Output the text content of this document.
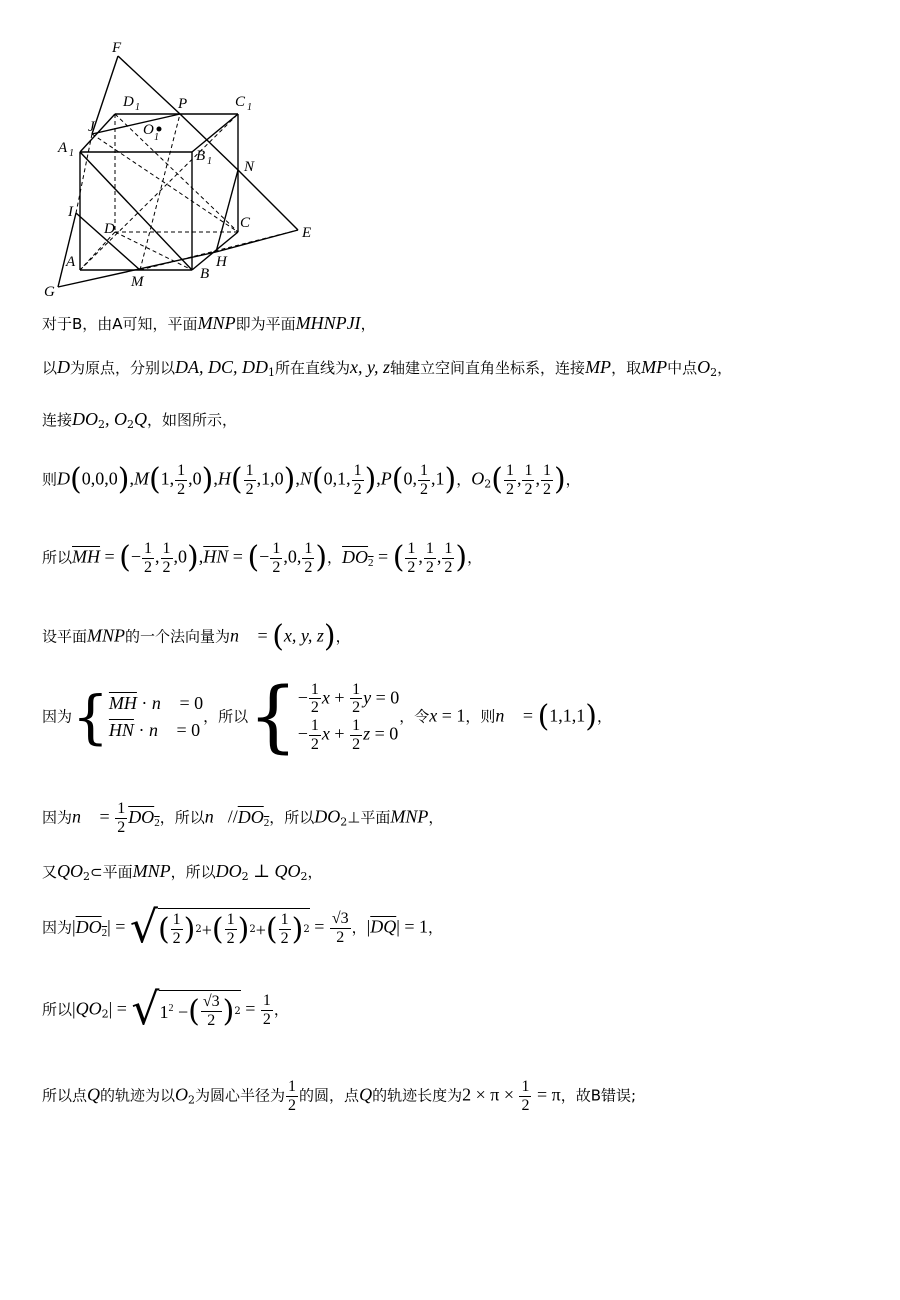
F
D 1	P	C 1
J	O 1
A 1	B 1 N
I
D	C
E
A
M
H
B
G
对于B，由A可知，平面MNP即为平面MHNPJI，
以D为原点，分别以DA, DC, $DD_1$所在直线为x, y, z轴建立空间直角坐标系，连接MP，取MP中点$O_2$，
连接$DO_2$, $O_2Q$，如图所示，
则D(0,0,0),M(1, $\frac{1}{2} ,0),H( \frac{1}{2} ,1,0),N(0,1$, $\frac{1}{2} ),P(0$, $\frac{1}{2} ,1$)，$O_2( \frac{1}{2}$ , $\frac{1}{2}$ , $\frac{1}{2}$ )，
所以$\overline{MH}$ = (− $\frac{1}{2}$ , $\frac{1}{2} ,0),\overline{HN}$ = (− $\frac{1}{2} ,0$, $\frac{1}{2}$ )，$DO_2$ = ( $\frac{1}{2}$ , $\frac{1}{2}$ , $\frac{1}{2}$ )，
设平面MNP的一个法向量为n⃗ = (x, y, z)，
因为{ $\overline{MH}$ · n⃗ = 0
$\overline{HN}$ · n⃗ = 0
，所以{ − $\frac{1}{2}$ $x + \frac{1}{2}$ y = 0
− $\frac{1}{2}$ $x + \frac{1}{2}$ z = 0
，令x = 1，则n⃗ = (1,1,1)，
因为n⃗ = $\frac{1}{2} DO_2$，所以$n⃗//DO_2$，所以$DO_2\perp$平面MNP，
又$QO_2\subset$平面MNP，所以$DO_2$ ⊥ $QO_2$，
因为$|DO_2|$ = √ ( $\frac{1}{2}$ ) 2 + ( $\frac{1}{2}$ ) 2 + ( $\frac{1}{2}$ ) $2 = \frac{√3}{2}$ ，$|\overline{DQ}| = 1$，
所以$|QO_2|$ = √ $1^2$ − ( $\frac{√3}{2}$ ) $2 = \frac{1}{2}$ ，
所以点Q的轨迹为以$O_2$为圆心半径为 $\frac{1}{2}$ 的圆，点Q的轨迹长度为$2 \times \pi \times \frac{1}{2} = \pi$，故B错误;
